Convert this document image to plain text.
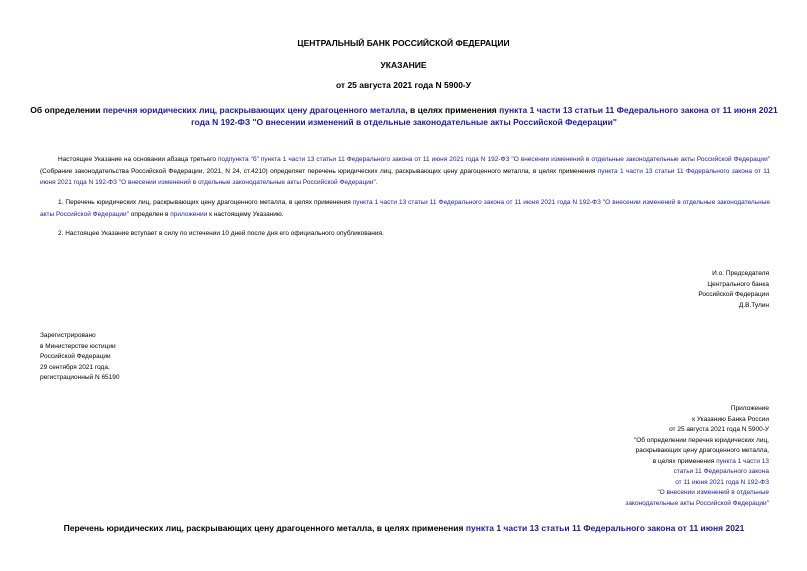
ЦЕНТРАЛЬНЫЙ БАНК РОССИЙСКОЙ ФЕДЕРАЦИИ
УКАЗАНИЕ
от 25 августа 2021 года N 5900-У
Об определении перечня юридических лиц, раскрывающих цену драгоценного металла, в целях применения пункта 1 части 13 статьи 11 Федерального закона от 11 июня 2021 года N 192-ФЗ "О внесении изменений в отдельные законодательные акты Российской Федерации"
Настоящее Указание на основании абзаца третьего подпункта "б" пункта 1 части 13 статьи 11 Федерального закона от 11 июня 2021 года N 192-ФЗ "О внесении изменений в отдельные законодательные акты Российской Федерации" (Собрание законодательства Российской Федерации, 2021, N 24, ст.4210) определяет перечень юридических лиц, раскрывающих цену драгоценного металла, в целях применения пункта 1 части 13 статьи 11 Федерального закона от 11 июня 2021 года N 192-ФЗ "О внесении изменений в отдельные законодательные акты Российской Федерации".
1. Перечень юридических лиц, раскрывающих цену драгоценного металла, в целях применения пункта 1 части 13 статьи 11 Федерального закона от 11 июня 2021 года N 192-ФЗ "О внесении изменений в отдельные законодательные акты Российской Федерации" определен в приложении к настоящему Указанию.
2. Настоящее Указание вступает в силу по истечении 10 дней после дня его официального опубликования.
И.о. Председателя
Центрального банка
Российской Федерации
Д.В.Тулин
Зарегистрировано
в Министерстве юстиции
Российской Федерации
29 сентября 2021 года,
регистрационный N 65190
Приложение
к Указанию Банка России
от 25 августа 2021 года N 5900-У
"Об определении перечня юридических лиц,
раскрывающих цену драгоценного металла,
в целях применения пункта 1 части 13
статьи 11 Федерального закона
от 11 июня 2021 года N 192-ФЗ
"О внесении изменений в отдельные
законодательные акты Российской Федерации"
Перечень юридических лиц, раскрывающих цену драгоценного металла, в целях применения пункта 1 части 13 статьи 11 Федерального закона от 11 июня 2021
